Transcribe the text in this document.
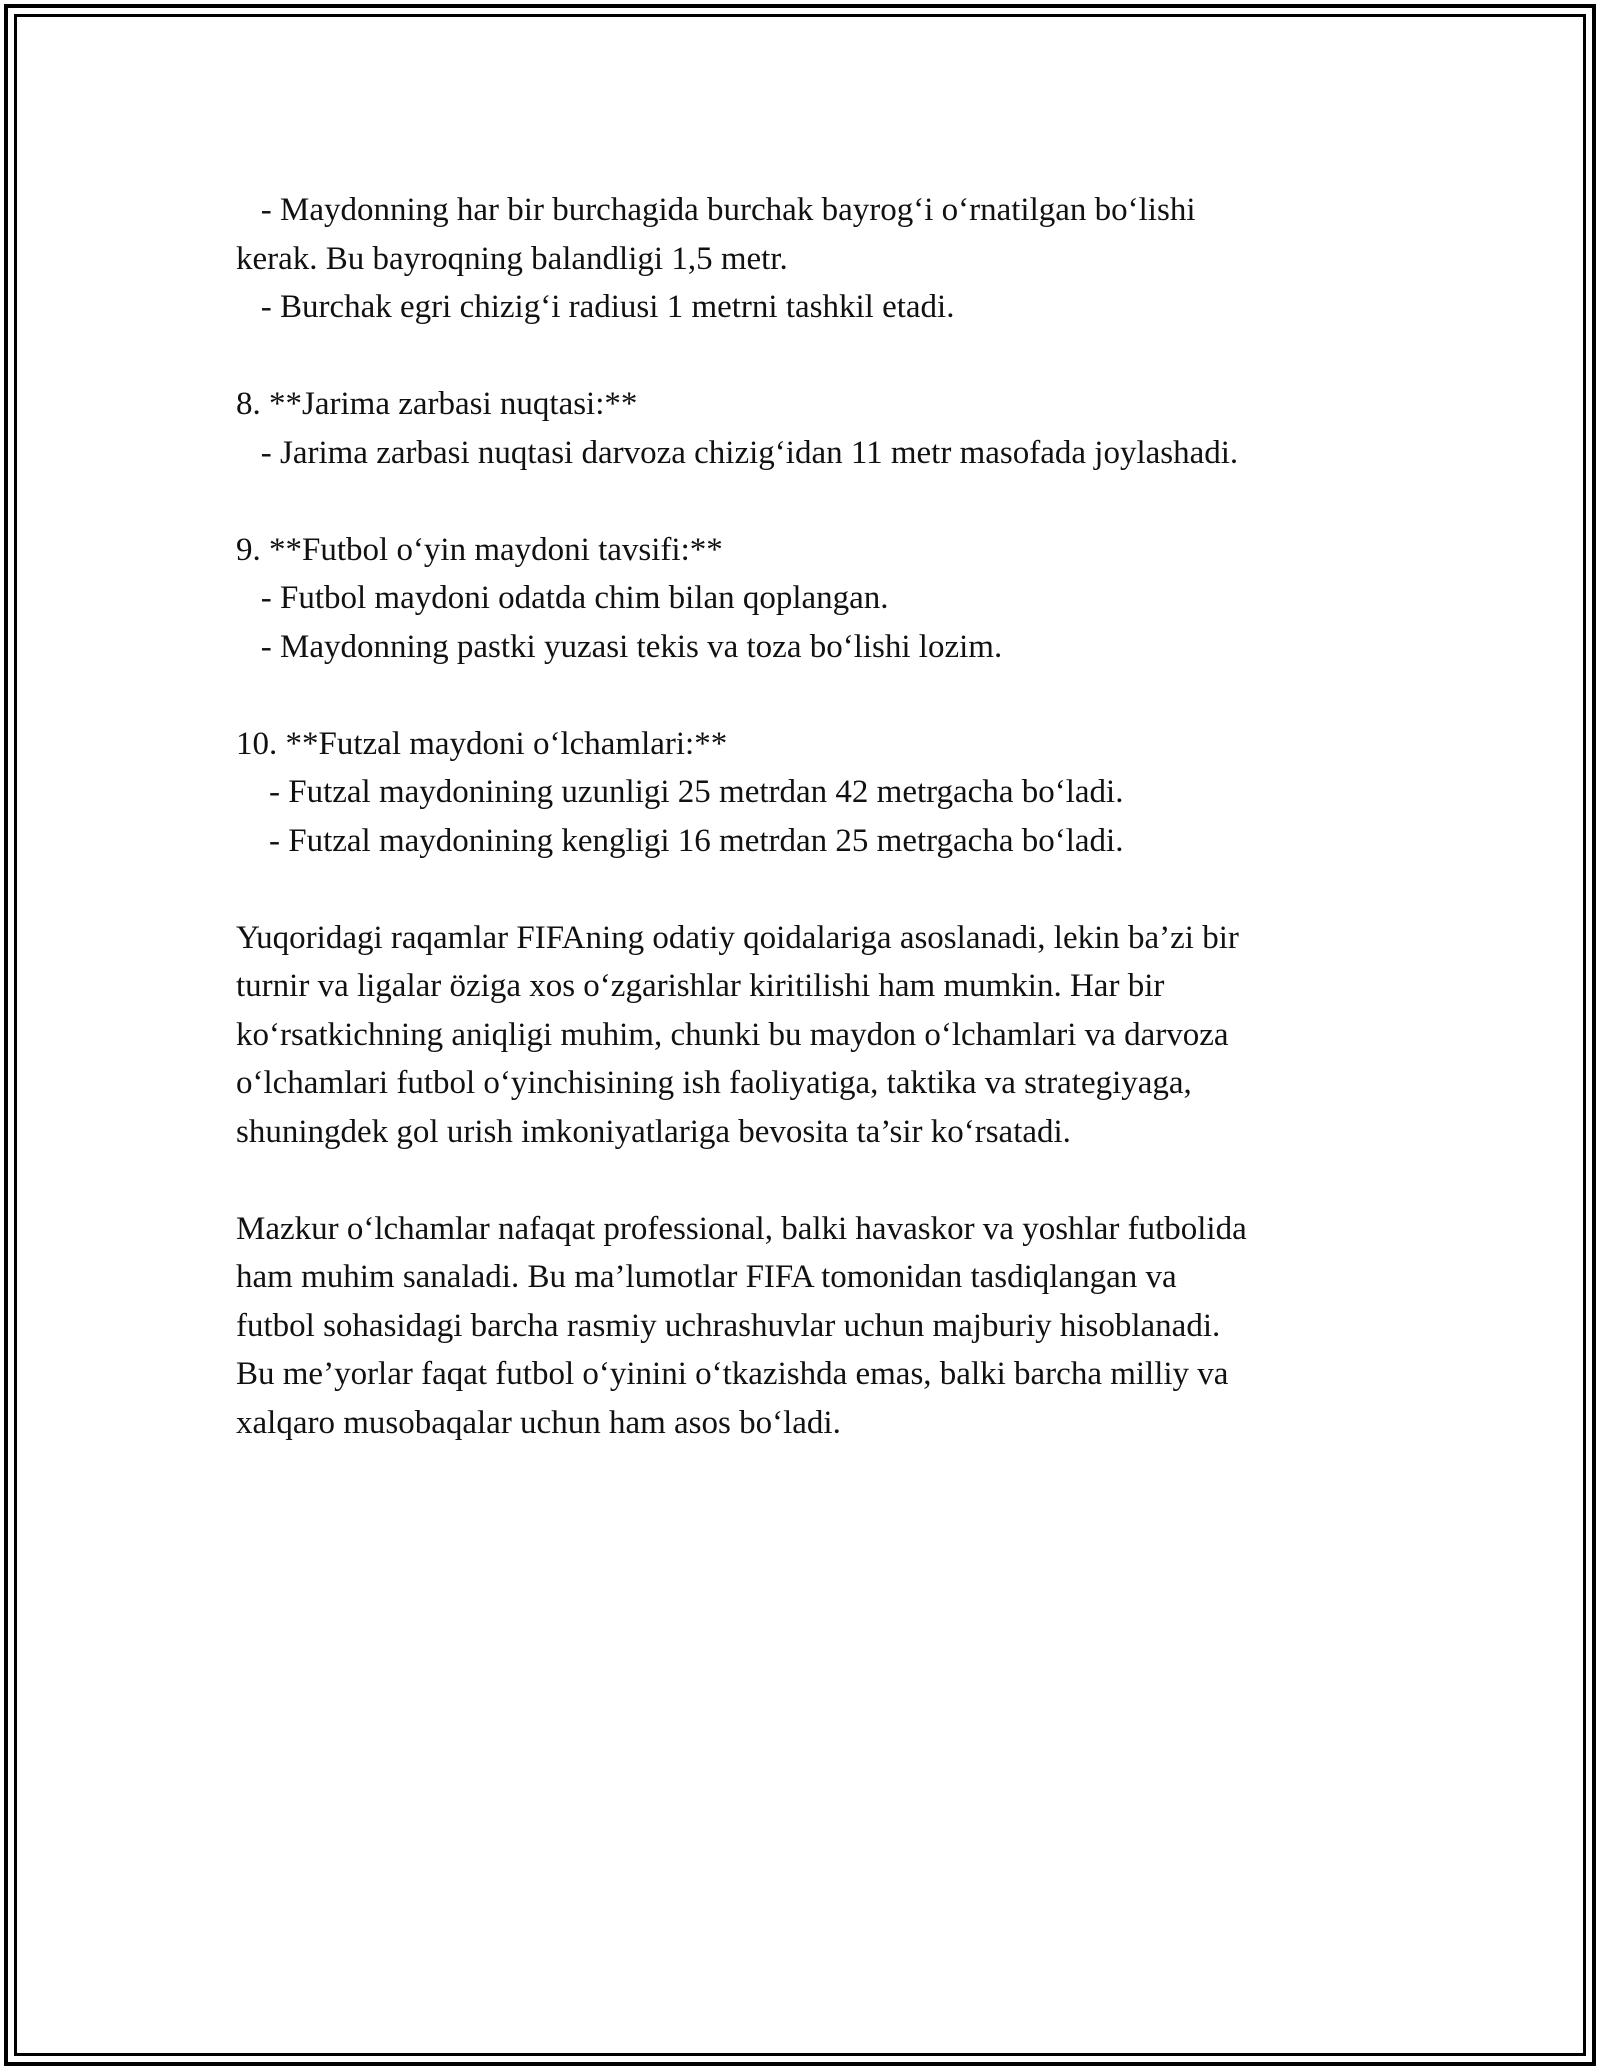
- Maydonning har bir burchagida burchak bayrog‘i o‘rnatilgan bo‘lishi
kerak. Bu bayroqning balandligi 1,5 metr.
- Burchak egri chizig‘i radiusi 1 metrni tashkil etadi.
8. **Jarima zarbasi nuqtasi:**
- Jarima zarbasi nuqtasi darvoza chizig‘idan 11 metr masofada joylashadi.
9. **Futbol o‘yin maydoni tavsifi:**
- Futbol maydoni odatda chim bilan qoplangan.
- Maydonning pastki yuzasi tekis va toza bo‘lishi lozim.
10. **Futzal maydoni o‘lchamlari:**
- Futzal maydonining uzunligi 25 metrdan 42 metrgacha bo‘ladi.
- Futzal maydonining kengligi 16 metrdan 25 metrgacha bo‘ladi.
Yuqoridagi raqamlar FIFAning odatiy qoidalariga asoslanadi, lekin ba’zi bir
turnir va ligalar öziga xos o‘zgarishlar kiritilishi ham mumkin. Har bir
ko‘rsatkichning aniqligi muhim, chunki bu maydon o‘lchamlari va darvoza
o‘lchamlari futbol o‘yinchisining ish faoliyatiga, taktika va strategiyaga,
shuningdek gol urish imkoniyatlariga bevosita ta’sir ko‘rsatadi.
Mazkur o‘lchamlar nafaqat professional, balki havaskor va yoshlar futbolida
ham muhim sanaladi. Bu ma’lumotlar FIFA tomonidan tasdiqlangan va
futbol sohasidagi barcha rasmiy uchrashuvlar uchun majburiy hisoblanadi.
Bu me’yorlar faqat futbol o‘yinini o‘tkazishda emas, balki barcha milliy va
xalqaro musobaqalar uchun ham asos bo‘ladi.
